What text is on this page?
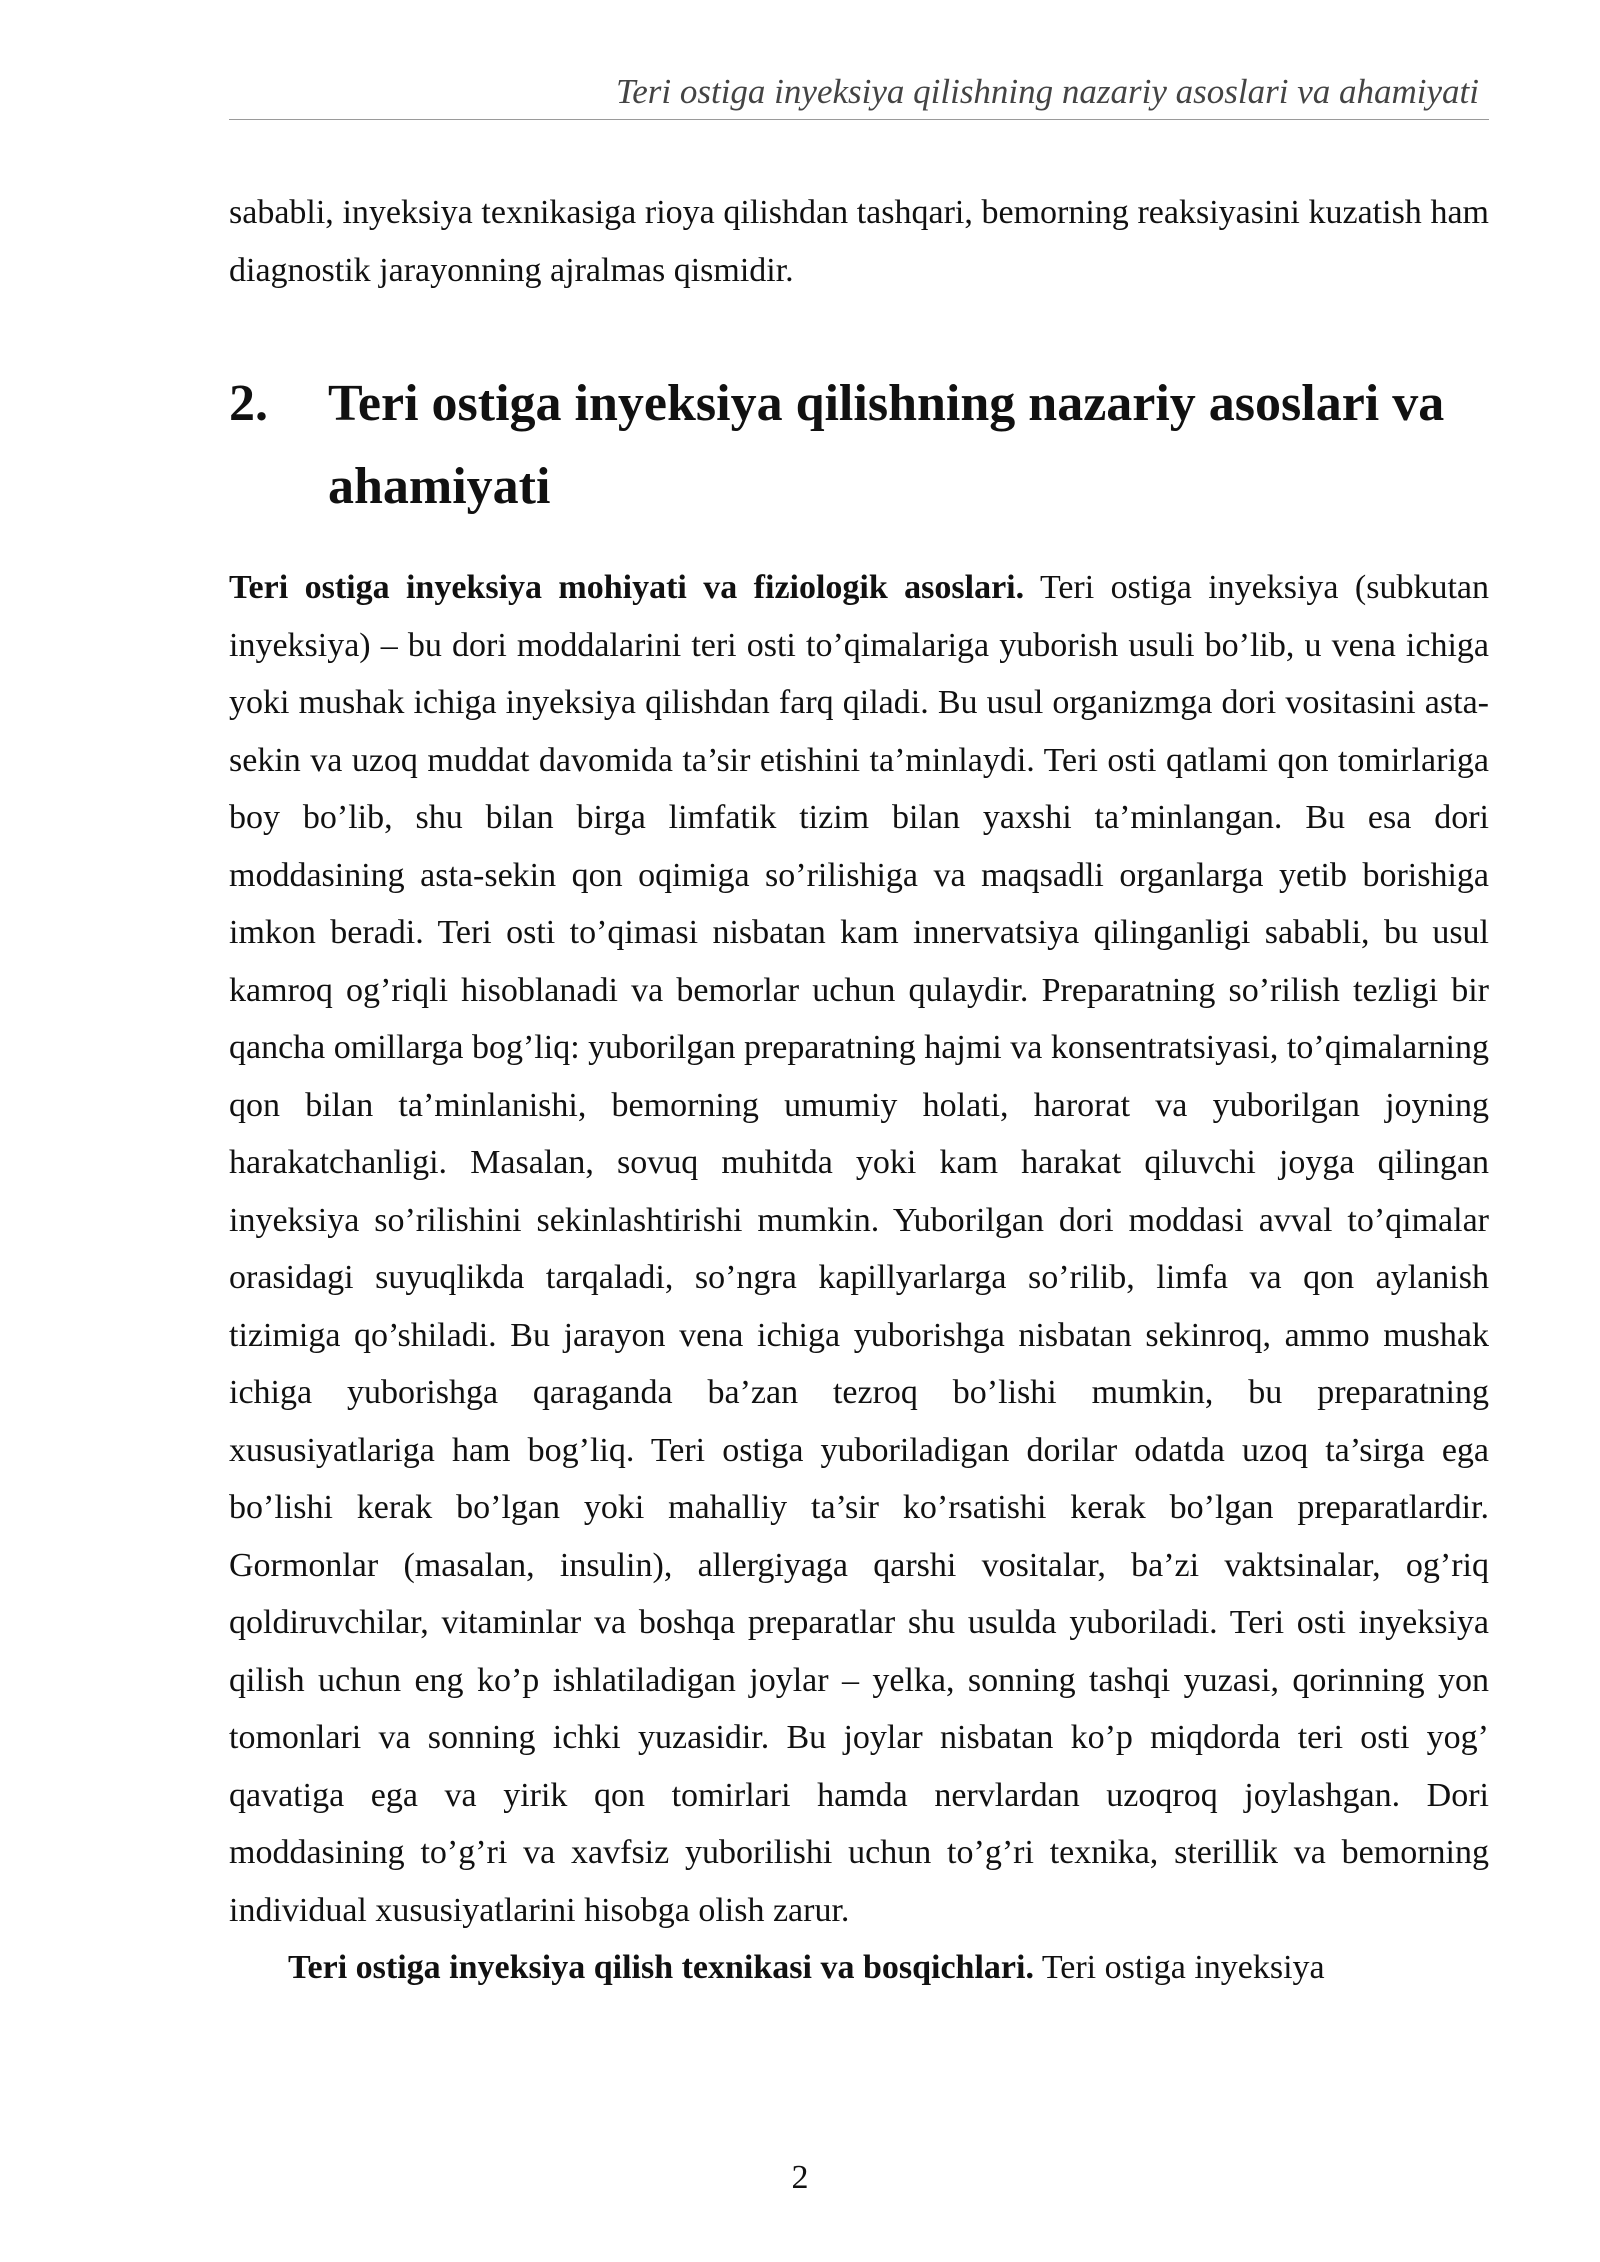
Teri ostiga inyeksiya qilishning nazariy asoslari va ahamiyati

sababli, inyeksiya texnikasiga rioya qilishdan tashqari, bemorning reaksiyasini kuzatish ham diagnostik jarayonning ajralmas qismidir.

2.	Teri ostiga inyeksiya qilishning nazariy asoslari va ahamiyati

Teri ostiga inyeksiya mohiyati va fiziologik asoslari. Teri ostiga inyeksiya (subkutan inyeksiya) – bu dori moddalarini teri osti to’qimalariga yuborish usuli bo’lib, u vena ichiga yoki mushak ichiga inyeksiya qilishdan farq qiladi. Bu usul organizmga dori vositasini asta-sekin va uzoq muddat davomida ta’sir etishini ta’minlaydi. Teri osti qatlami qon tomirlariga boy bo’lib, shu bilan birga limfatik tizim bilan yaxshi ta’minlangan. Bu esa dori moddasining asta-sekin qon oqimiga so’rilishiga va maqsadli organlarga yetib borishiga imkon beradi. Teri osti to’qimasi nisbatan kam innervatsiya qilinganligi sababli, bu usul kamroq og’riqli hisoblanadi va bemorlar uchun qulaydir. Preparatning so’rilish tezligi bir qancha omillarga bog’liq: yuborilgan preparatning hajmi va konsentratsiyasi, to’qimalarning qon bilan ta’minlanishi, bemorning umumiy holati, harorat va yuborilgan joyning harakatchanligi. Masalan, sovuq muhitda yoki kam harakat qiluvchi joyga qilingan inyeksiya so’rilishini sekinlashtirishi mumkin. Yuborilgan dori moddasi avval to’qimalar orasidagi suyuqlikda tarqaladi, so’ngra kapillyarlarga so’rilib, limfa va qon aylanish tizimiga qo’shiladi. Bu jarayon vena ichiga yuborishga nisbatan sekinroq, ammo mushak ichiga yuborishga qaraganda ba’zan tezroq bo’lishi mumkin, bu preparatning xususiyatlariga ham bog’liq. Teri ostiga yuboriladigan dorilar odatda uzoq ta’sirga ega bo’lishi kerak bo’lgan yoki mahalliy ta’sir ko’rsatishi kerak bo’lgan preparatlardir. Gormonlar (masalan, insulin), allergiyaga qarshi vositalar, ba’zi vaktsinalar, og’riq qoldiruvchilar, vitaminlar va boshqa preparatlar shu usulda yuboriladi. Teri osti inyeksiya qilish uchun eng ko’p ishlatiladigan joylar – yelka, sonning tashqi yuzasi, qorinning yon tomonlari va sonning ichki yuzasidir. Bu joylar nisbatan ko’p miqdorda teri osti yog’ qavatiga ega va yirik qon tomirlari hamda nervlardan uzoqroq joylashgan. Dori moddasining to’g’ri va xavfsiz yuborilishi uchun to’g’ri texnika, sterillik va bemorning individual xususiyatlarini hisobga olish zarur.

Teri ostiga inyeksiya qilish texnikasi va bosqichlari. Teri ostiga inyeksiya

2
